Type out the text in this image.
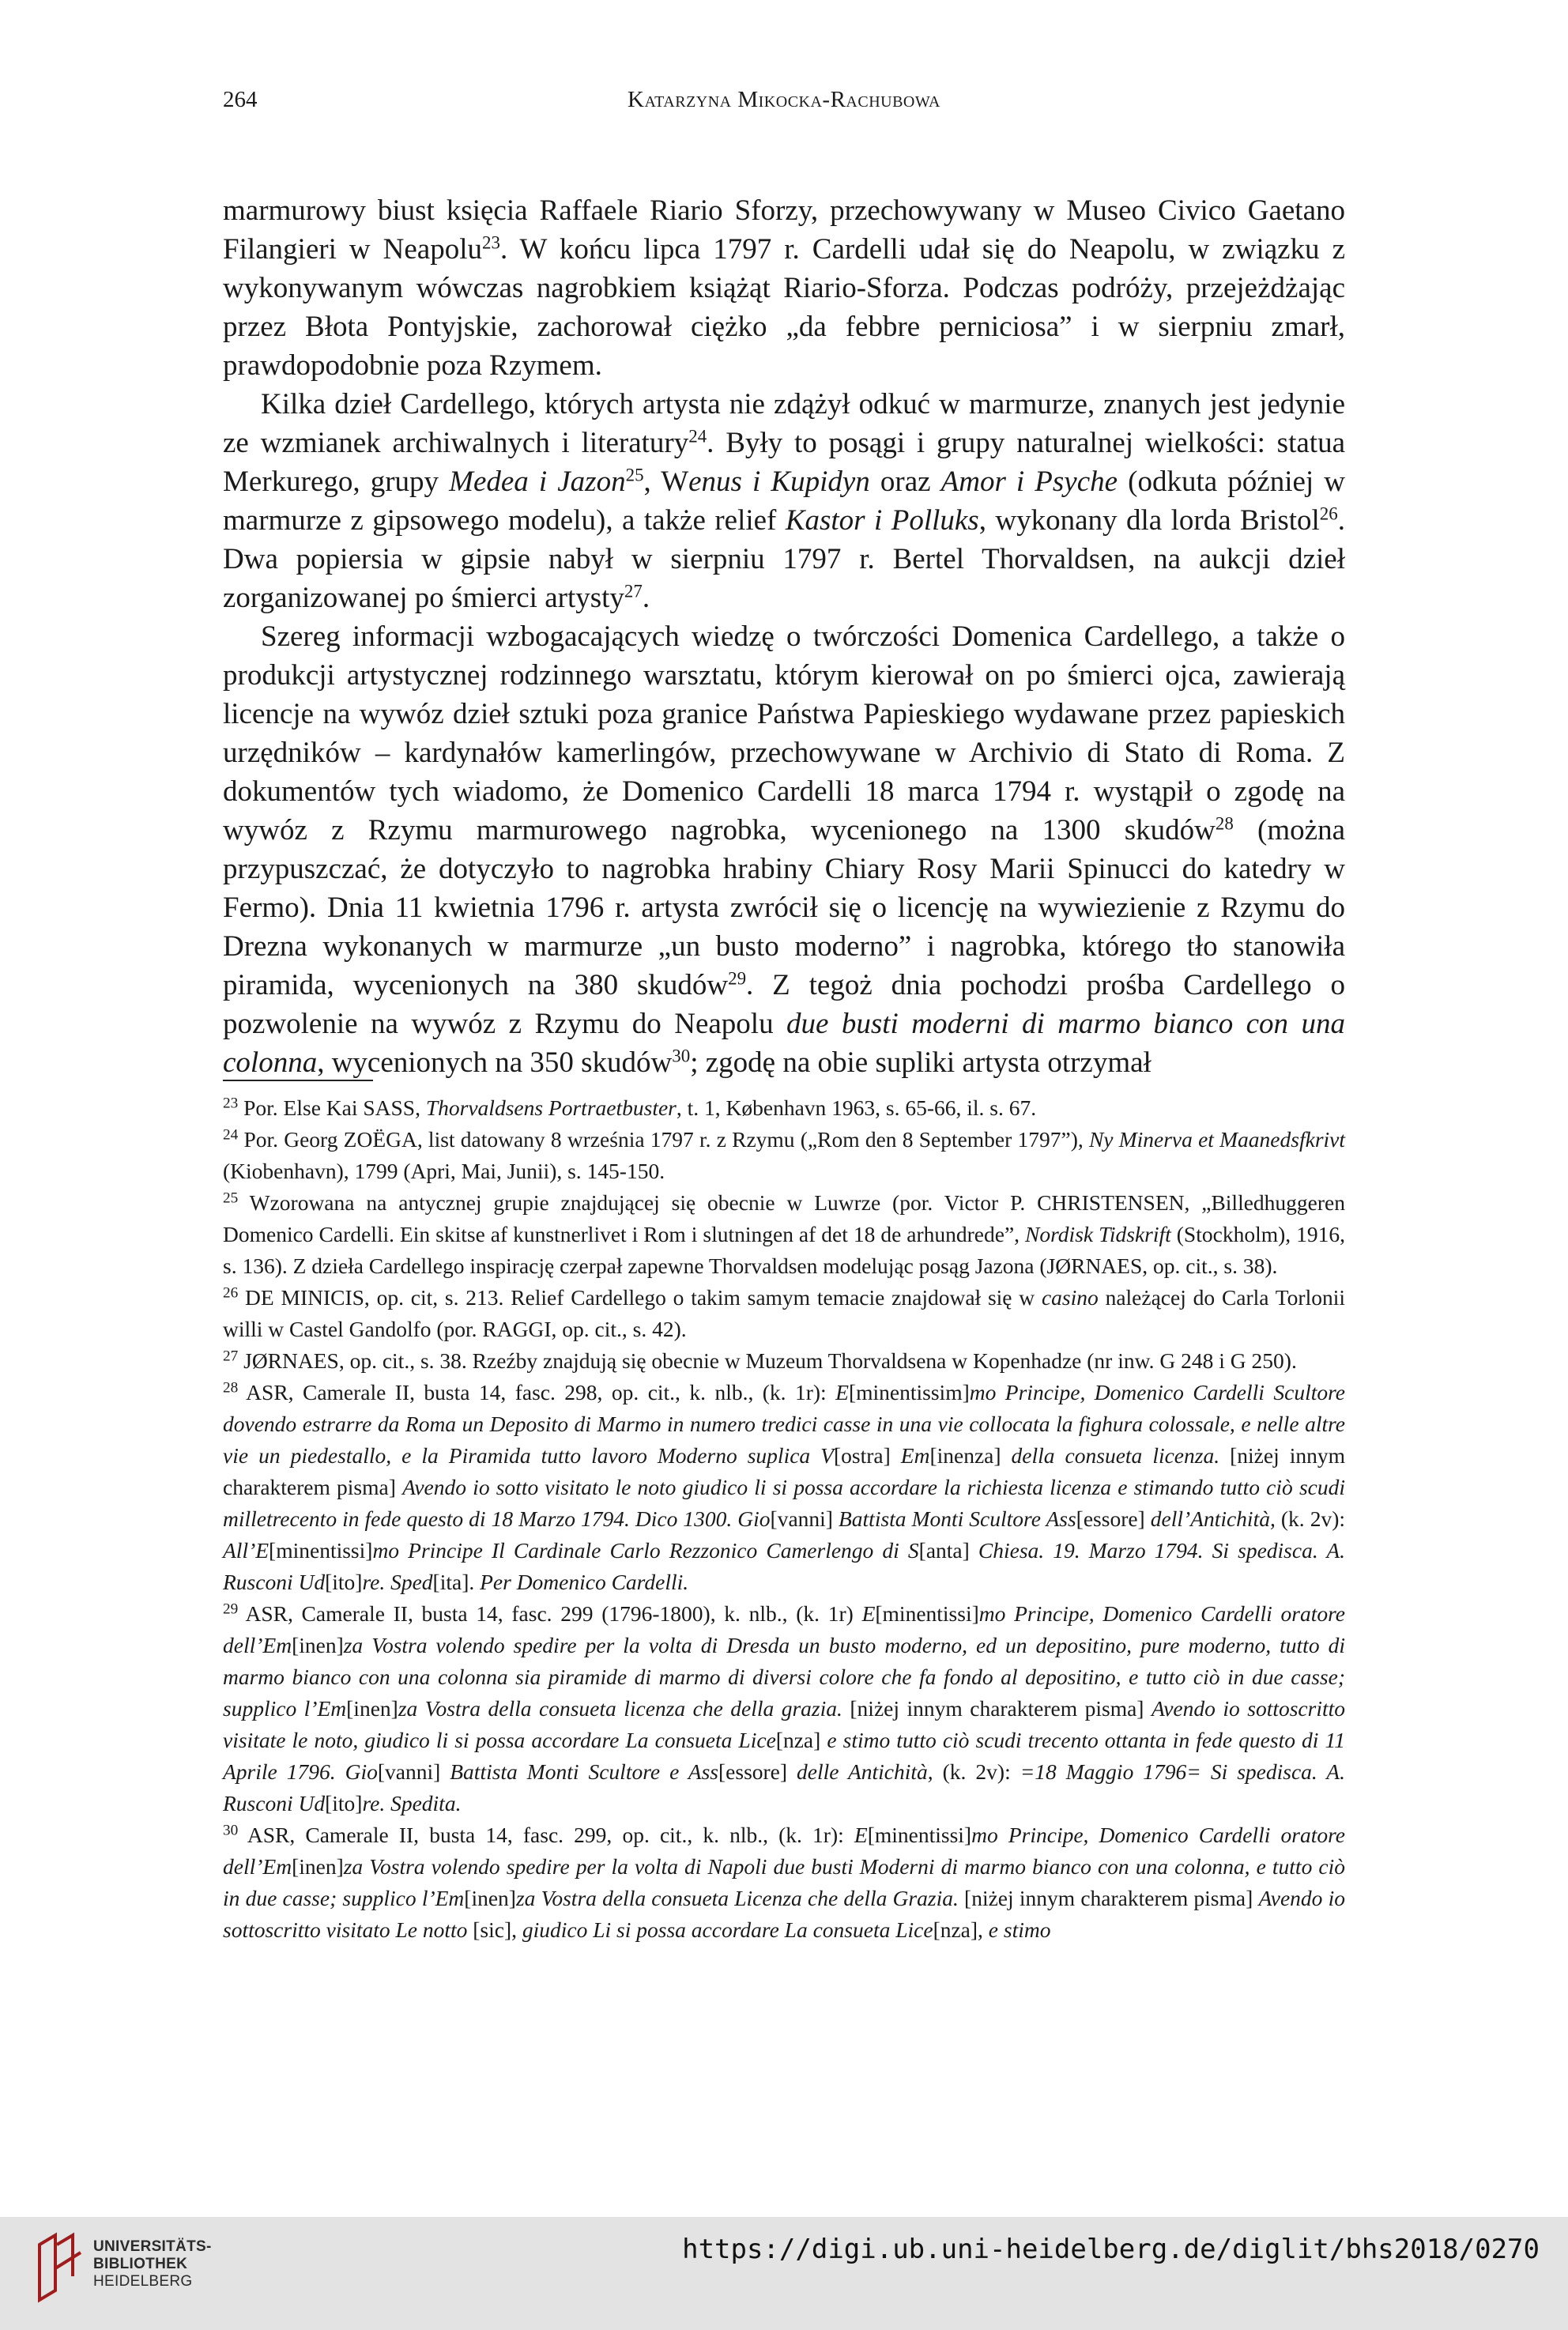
264	Katarzyna Mikocka-Rachubowa

marmurowy biust księcia Raffaele Riario Sforzy, przechowywany w Museo Civico Gaetano Filangieri w Neapolu$^{23}$. W końcu lipca 1797 r. Cardelli udał się do Neapolu, w związku z wykonywanym wówczas nagrobkiem książąt Riario-Sforza. Podczas podróży, przejeżdżając przez Błota Pontyjskie, zachorował ciężko „da febbre perniciosa” i w sierpniu zmarł, prawdopodobnie poza Rzymem.

Kilka dzieł Cardellego, których artysta nie zdążył odkuć w marmurze, znanych jest jedynie ze wzmianek archiwalnych i literatury$^{24}$. Były to posągi i grupy naturalnej wielkości: statua Merkurego, grupy Medea i Jazon$^{25}$, Wenus i Kupidyn oraz Amor i Psyche (odkuta później w marmurze z gipsowego modelu), a także relief Kastor i Polluks, wykonany dla lorda Bristol$^{26}$. Dwa popiersia w gipsie nabył w sierpniu 1797 r. Bertel Thorvaldsen, na aukcji dzieł zorganizowanej po śmierci artysty$^{27}$.

Szereg informacji wzbogacających wiedzę o twórczości Domenica Cardellego, a także o produkcji artystycznej rodzinnego warsztatu, którym kierował on po śmierci ojca, zawierają licencje na wywóz dzieł sztuki poza granice Państwa Papieskiego wydawane przez papieskich urzędników – kardynałów kamerlingów, przechowywane w Archivio di Stato di Roma. Z dokumentów tych wiadomo, że Domenico Cardelli 18 marca 1794 r. wystąpił o zgodę na wywóz z Rzymu marmurowego nagrobka, wycenionego na 1300 skudów$^{28}$ (można przypuszczać, że dotyczyło to nagrobka hrabiny Chiary Rosy Marii Spinucci do katedry w Fermo). Dnia 11 kwietnia 1796 r. artysta zwrócił się o licencję na wywiezienie z Rzymu do Drezna wykonanych w marmurze „un busto moderno” i nagrobka, którego tło stanowiła piramida, wycenionych na 380 skudów$^{29}$. Z tegoż dnia pochodzi prośba Cardellego o pozwolenie na wywóz z Rzymu do Neapolu due busti moderni di marmo bianco con una colonna, wycenionych na 350 skudów$^{30}$; zgodę na obie supliki artysta otrzymał

$^{23}$ Por. Else Kai SASS, Thorvaldsens Portraetbuster, t. 1, København 1963, s. 65-66, il. s. 67.

$^{24}$ Por. Georg ZOËGA, list datowany 8 września 1797 r. z Rzymu („Rom den 8 September 1797”), Ny Minerva et Maanedsfkrivt (Kiobenhavn), 1799 (Apri, Mai, Junii), s. 145-150.

$^{25}$ Wzorowana na antycznej grupie znajdującej się obecnie w Luwrze (por. Victor P. CHRISTENSEN, „Billedhuggeren Domenico Cardelli. Ein skitse af kunstnerlivet i Rom i slutningen af det 18 de arhundrede”, Nordisk Tidskrift (Stockholm), 1916, s. 136). Z dzieła Cardellego inspirację czerpał zapewne Thorvaldsen modelując posąg Jazona (JØRNAES, op. cit., s. 38).

$^{26}$ DE MINICIS, op. cit, s. 213. Relief Cardellego o takim samym temacie znajdował się w casino należącej do Carla Torlonii willi w Castel Gandolfo (por. RAGGI, op. cit., s. 42).

$^{27}$ JØRNAES, op. cit., s. 38. Rzeźby znajdują się obecnie w Muzeum Thorvaldsena w Kopenhadze (nr inw. G 248 i G 250).

$^{28}$ ASR, Camerale II, busta 14, fasc. 298, op. cit., k. nlb., (k. 1r): E[minentissim]mo Principe, Domenico Cardelli Scultore dovendo estrarre da Roma un Deposito di Marmo in numero tredici casse in una vie collocata la fighura colossale, e nelle altre vie un piedestallo, e la Piramida tutto lavoro Moderno suplica V[ostra] Em[inenza] della consueta licenza. [niżej innym charakterem pisma] Avendo io sotto visitato le noto giudico li si possa accordare la richiesta licenza e stimando tutto ciò scudi milletrecento in fede questo di 18 Marzo 1794. Dico 1300. Gio[vanni] Battista Monti Scultore Ass[essore] dell’Antichità, (k. 2v): All’E[minentissi]mo Principe Il Cardinale Carlo Rezzonico Camerlengo di S[anta] Chiesa. 19. Marzo 1794. Si spedisca. A. Rusconi Ud[ito]re. Sped[ita]. Per Domenico Cardelli.

$^{29}$ ASR, Camerale II, busta 14, fasc. 299 (1796-1800), k. nlb., (k. 1r) E[minentissi]mo Principe, Domenico Cardelli oratore dell’Em[inen]za Vostra volendo spedire per la volta di Dresda un busto moderno, ed un depositino, pure moderno, tutto di marmo bianco con una colonna sia piramide di marmo di diversi colore che fa fondo al depositino, e tutto ciò in due casse; supplico l’Em[inen]za Vostra della consueta licenza che della grazia. [niżej innym charakterem pisma] Avendo io sottoscritto visitate le noto, giudico li si possa accordare La consueta Lice[nza] e stimo tutto ciò scudi trecento ottanta in fede questo di 11 Aprile 1796. Gio[vanni] Battista Monti Scultore e Ass[essore] delle Antichità, (k. 2v): =18 Maggio 1796= Si spedisca. A. Rusconi Ud[ito]re. Spedita.

$^{30}$ ASR, Camerale II, busta 14, fasc. 299, op. cit., k. nlb., (k. 1r): E[minentissi]mo Principe, Domenico Cardelli oratore dell’Em[inen]za Vostra volendo spedire per la volta di Napoli due busti Moderni di marmo bianco con una colonna, e tutto ciò in due casse; supplico l’Em[inen]za Vostra della consueta Licenza che della Grazia. [niżej innym charakterem pisma] Avendo io sottoscritto visitato Le notto [sic], giudico Li si possa accordare La consueta Lice[nza], e stimo

UNIVERSITÄTS-
BIBLIOTHEK
HEIDELBERG
https://digi.ub.uni-heidelberg.de/diglit/bhs2018/0270
